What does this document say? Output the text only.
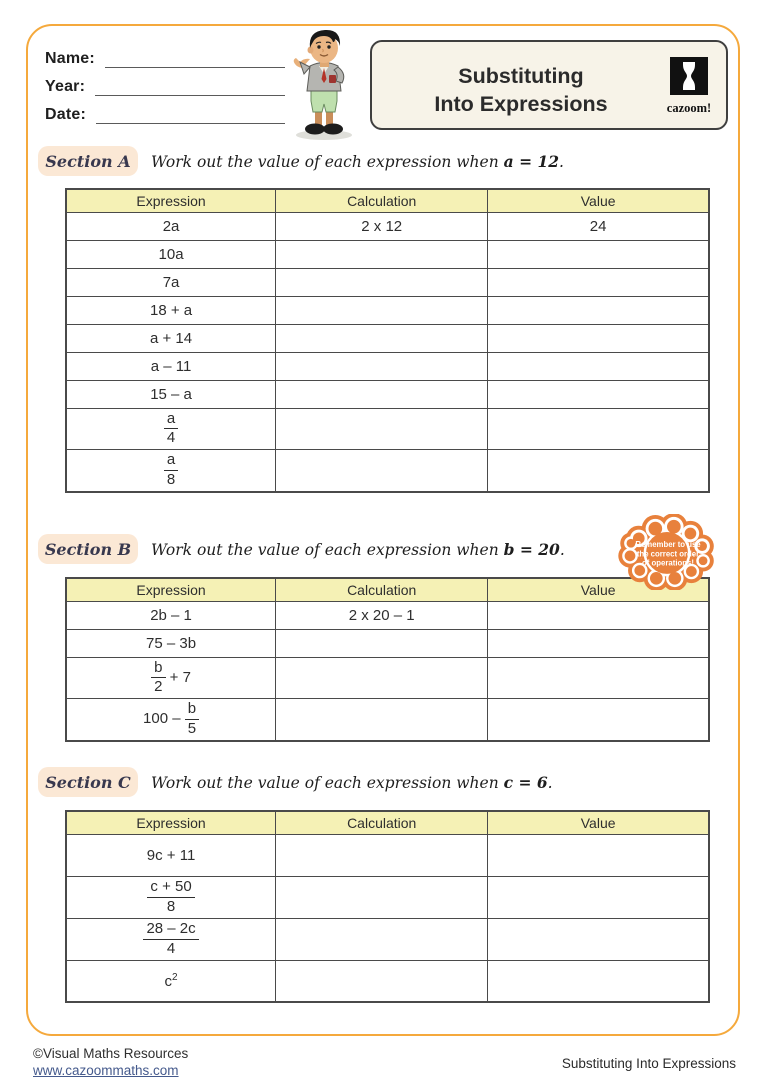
Name:
Year:
Date:
Substituting
Into Expressions	cazoom!
Section A	Work out the value of each expression when a = 12.
Expression	Calculation	Value
2a	2 x 12	24
10a		
7a		
18 + a		
a + 14		
a – 11		
15 – a		

$\frac{a}{4}$

$\frac{a}{8}$

Section B	Work out the value of each expression when b = 20.
Expression	Calculation	Value
2b – 1	2 x 20 – 1	
75 – 3b		

$\frac{b}{2} + 7$		
$100 - \frac{b}{5}$

Remember to use
the correct order
of operations!
Section C	Work out the value of each expression when c = 6.
Expression	Calculation	Value
9c + 11		

$\frac{c + 50}{8}$

$\frac{28 - 2c}{4}$

$c^2$		
©Visual Maths Resources
www.cazoommaths.com	Substituting Into Expressions
